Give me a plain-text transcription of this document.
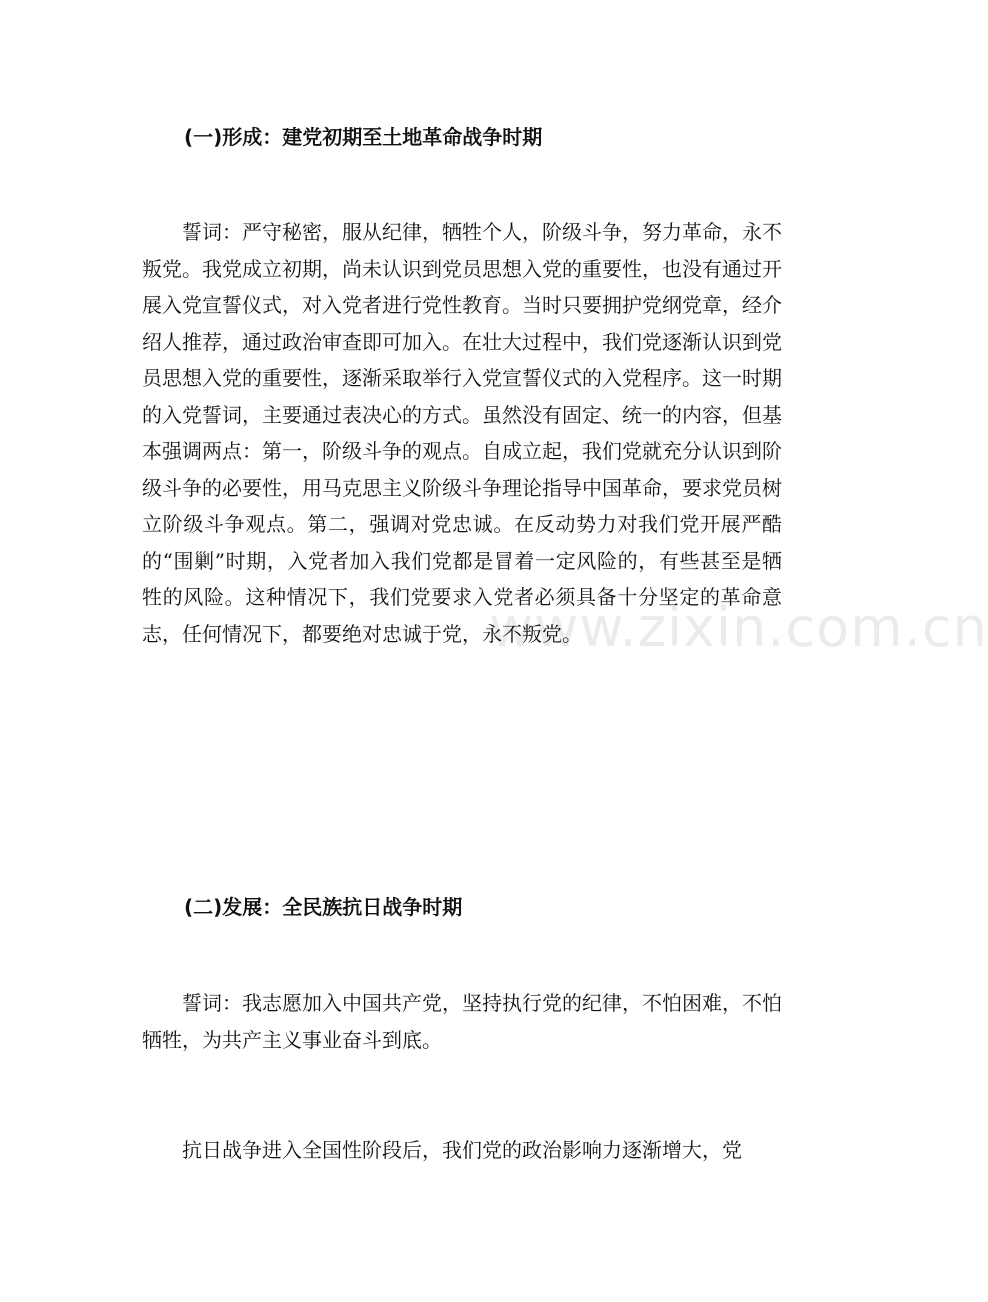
www.zixin.com.cn
(一)形成：建党初期至土地革命战争时期

誓词：严守秘密，服从纪律，牺牲个人，阶级斗争，努力革命，永不叛党。我党成立初期，尚未认识到党员思想入党的重要性，也没有通过开展入党宣誓仪式，对入党者进行党性教育。当时只要拥护党纲党章，经介绍人推荐，通过政治审查即可加入。在壮大过程中，我们党逐渐认识到党员思想入党的重要性，逐渐采取举行入党宣誓仪式的入党程序。这一时期的入党誓词，主要通过表决心的方式。虽然没有固定、统一的内容，但基本强调两点：第一，阶级斗争的观点。自成立起，我们党就充分认识到阶级斗争的必要性，用马克思主义阶级斗争理论指导中国革命，要求党员树立阶级斗争观点。第二，强调对党忠诚。在反动势力对我们党开展严酷的“围剿”时期，入党者加入我们党都是冒着一定风险的，有些甚至是牺牲的风险。这种情况下，我们党要求入党者必须具备十分坚定的革命意志，任何情况下，都要绝对忠诚于党，永不叛党。

(二)发展：全民族抗日战争时期

誓词：我志愿加入中国共产党，坚持执行党的纪律，不怕困难，不怕牺牲，为共产主义事业奋斗到底。

抗日战争进入全国性阶段后，我们党的政治影响力逐渐增大，党
